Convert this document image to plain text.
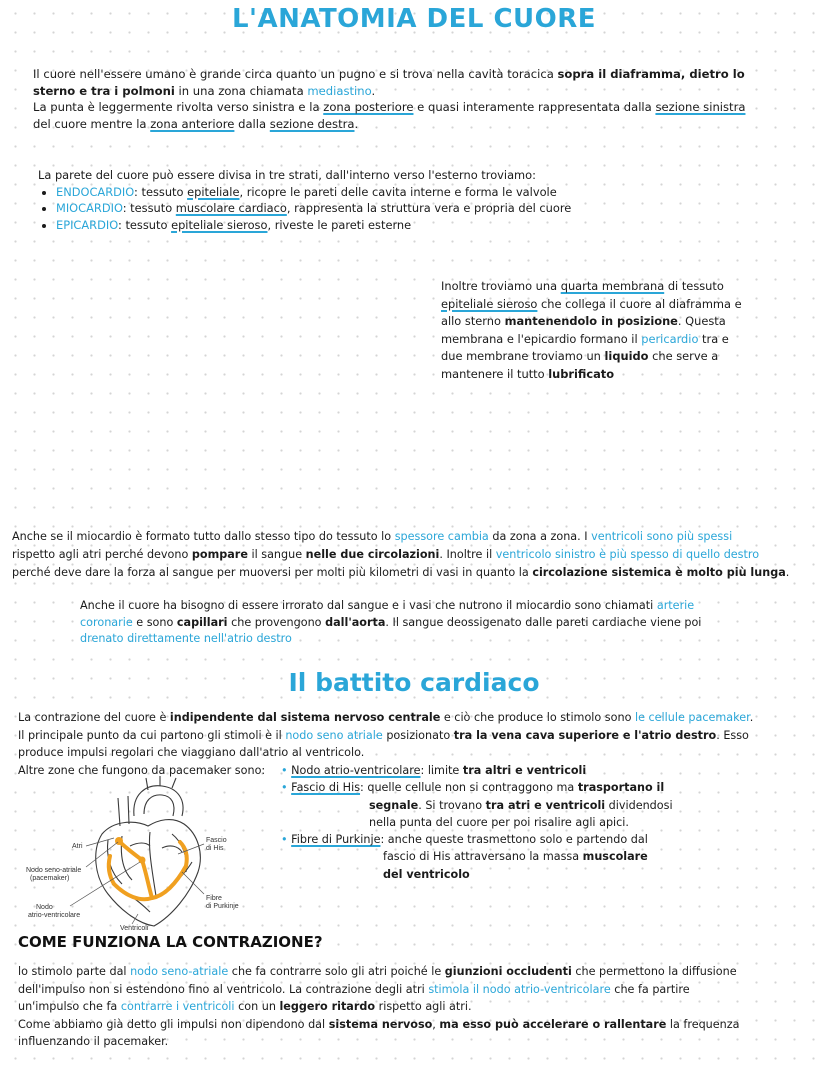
L'ANATOMIA DEL CUORE

Il cuore nell'essere umano è grande circa quanto un pugno e si trova nella cavità toracica sopra il diaframma, dietro lo

sterno e tra i polmoni in una zona chiamata mediastino.

La punta è leggermente rivolta verso sinistra e la zona posteriore e quasi interamente rappresentata dalla sezione sinistra

del cuore mentre la zona anteriore dalla sezione destra.

La parete del cuore può essere divisa in tre strati, dall'interno verso l'esterno troviamo:

• ENDOCARDIO: tessuto epiteliale, ricopre le pareti delle cavita interne e forma le valvole
• MIOCARDIO: tessuto muscolare cardiaco, rappresenta la struttura vera e propria del cuore
• EPICARDIO: tessuto epiteliale sieroso, riveste le pareti esterne

Inoltre troviamo una quarta membrana di tessuto

epiteliale sieroso che collega il cuore al diaframma e

allo sterno mantenendolo in posizione. Questa

membrana e l'epicardio formano il pericardio tra e

due membrane troviamo un liquido che serve a

mantenere il tutto lubrificato

Anche se il miocardio è formato tutto dallo stesso tipo do tessuto lo spessore cambia da zona a zona. I ventricoli sono più spessi

rispetto agli atri perché devono pompare il sangue nelle due circolazioni. Inoltre il ventricolo sinistro è più spesso di quello destro

perché deve dare la forza al sangue per muoversi per molti più kilometri di vasi in quanto la circolazione sistemica è molto più lunga.

Anche il cuore ha bisogno di essere irrorato dal sangue e i vasi che nutrono il miocardio sono chiamati arterie

coronarie e sono capillari che provengono dall'aorta. Il sangue deossigenato dalle pareti cardiache viene poi

drenato direttamente nell'atrio destro

Il battito cardiaco

La contrazione del cuore è indipendente dal sistema nervoso centrale e ciò che produce lo stimolo sono le cellule pacemaker.

Il principale punto da cui partono gli stimoli è il nodo seno atriale posizionato tra la vena cava superiore e l'atrio destro. Esso

produce impulsi regolari che viaggiano dall'atrio al ventricolo.

Altre zone che fungono da pacemaker sono:	• Nodo atrio-ventricolare: limite tra altri e ventricoli

• Fascio di His: quelle cellule non si contraggono ma trasportano il

segnale. Si trovano tra atri e ventricoli dividendosi

nella punta del cuore per poi risalire agli apici.

• Fibre di Purkinje: anche queste trasmettono solo e partendo dal

fascio di His attraversano la massa muscolare

del ventricolo

Atri
Nodo seno-atriale
(pacemaker)
Nodo
atrio-ventricolare
Ventricoli
Fascio
di His
Fibre
di Purkinje
COME FUNZIONA LA CONTRAZIONE?

lo stimolo parte dal nodo seno-atriale che fa contrarre solo gli atri poiché le giunzioni occludenti che permettono la diffusione

dell'impulso non si estendono fino al ventricolo. La contrazione degli atri stimola il nodo atrio-ventricolare che fa partire

un'impulso che fa contrarre i ventricoli con un leggero ritardo rispetto agli atri.

Come abbiamo già detto gli impulsi non dipendono dal sistema nervoso, ma esso può accelerare o rallentare la frequenza

influenzando il pacemaker.
